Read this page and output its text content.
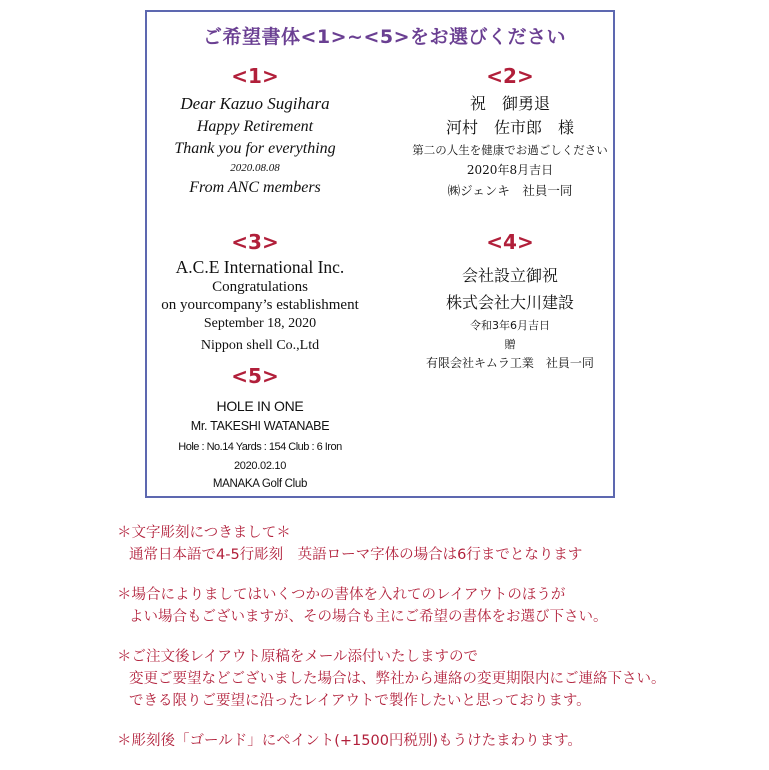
ご希望書体<1>~<5>をお選びください
<1>
Dear Kazuo Sugihara
Happy Retirement
Thank you for everything
2020.08.08
From ANC members
<2>
祝　御勇退
河村　佐市郎　様
第二の人生を健康でお過ごしください
2020年8月吉日
㈱ジェンキ　社員一同
<3>
A.C.E International Inc.
Congratulations
on yourcompany’s establishment
September 18, 2020
Nippon shell Co.,Ltd
<4>
会社設立御祝
株式会社大川建設
令和3年6月吉日
贈
有限会社キムラ工業　社員一同
<5>
HOLE IN ONE
Mr. TAKESHI WATANABE
Hole : No.14 Yards : 154 Club : 6 Iron
2020.02.10
MANAKA Golf Club
＊文字彫刻につきまして＊
通常日本語で4-5行彫刻　英語ローマ字体の場合は6行までとなります
＊場合によりましてはいくつかの書体を入れてのレイアウトのほうが
よい場合もございますが、その場合も主にご希望の書体をお選び下さい。
＊ご注文後レイアウト原稿をメール添付いたしますので
変更ご要望などございました場合は、弊社から連絡の変更期限内にご連絡下さい。
できる限りご要望に沿ったレイアウトで製作したいと思っております。
＊彫刻後「ゴールド」にペイント(+1500円税別)もうけたまわります。
